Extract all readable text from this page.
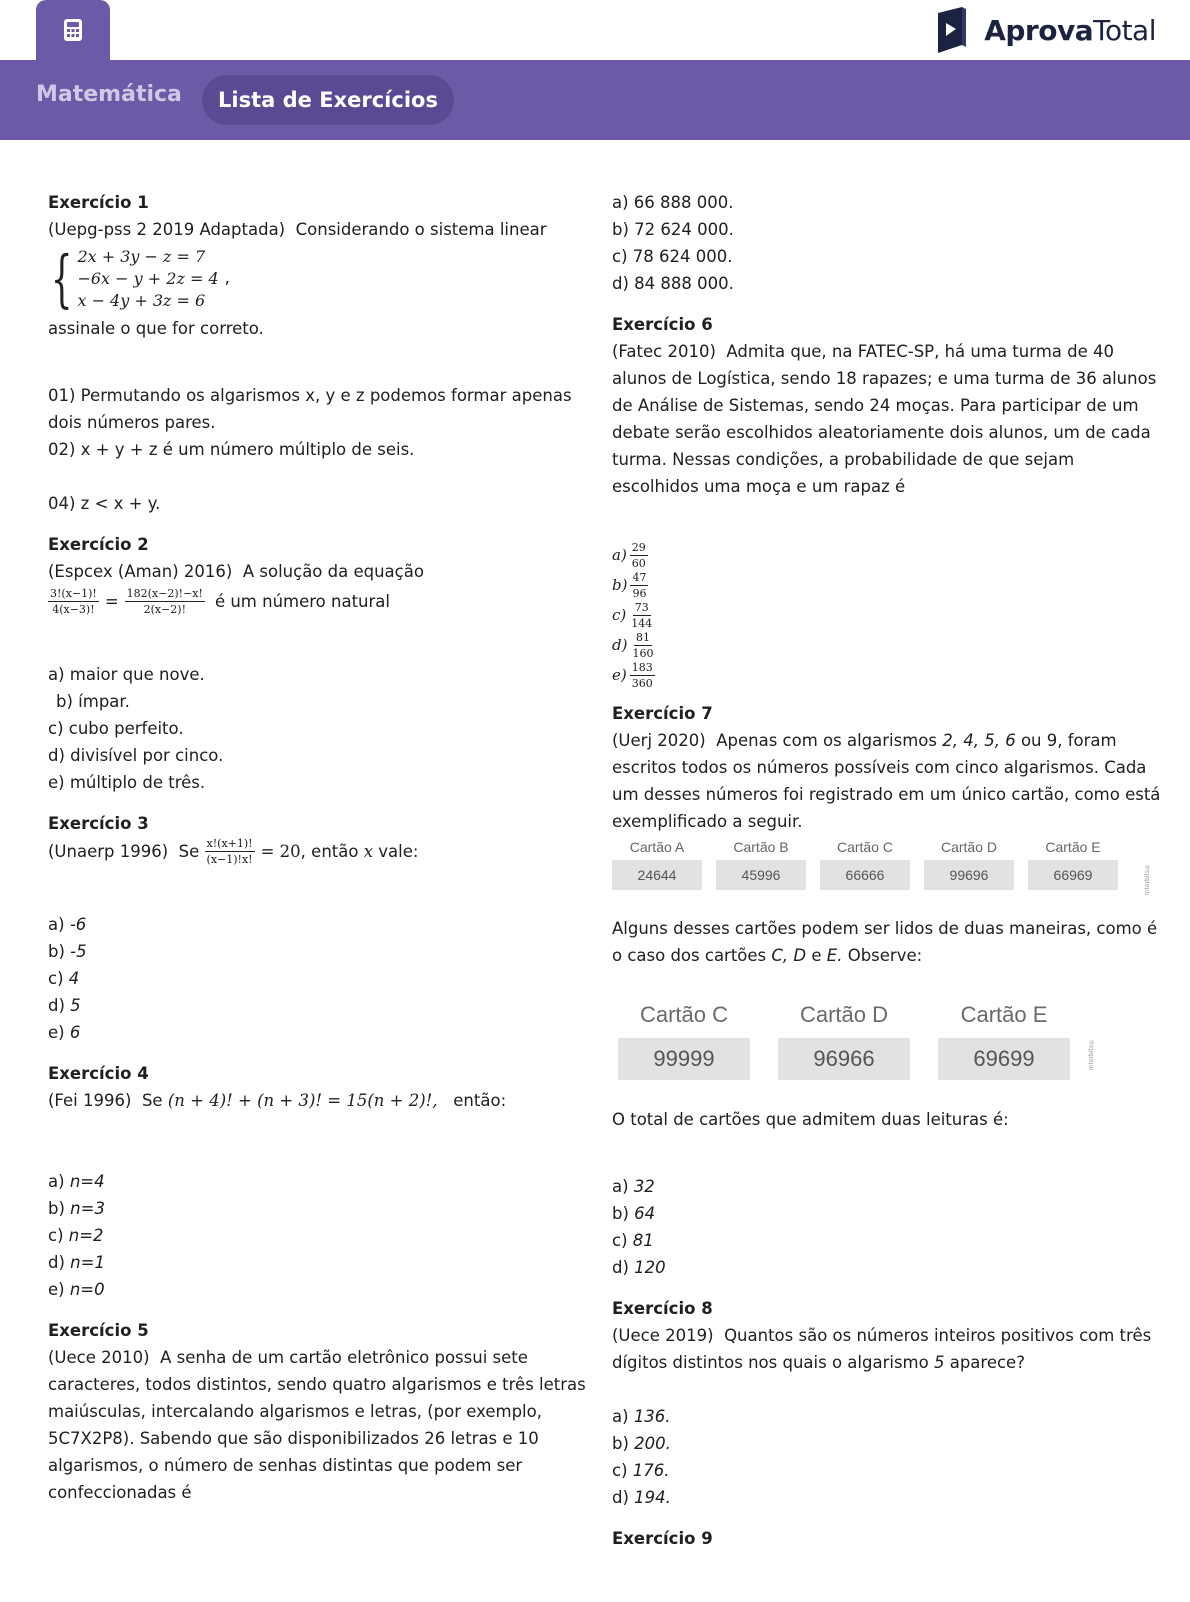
AprovaTotal
Matemática	Lista de Exercícios
Exercício 1
(Uepg-pss 2 2019 Adaptada) Considerando o sistema linear
{ 2x + 3y − z = 7
−6x − y + 2z = 4
x − 4y + 3z = 6
,
assinale o que for correto.
01) Permutando os algarismos x, y e z podemos formar apenas dois números pares.
02) x + y + z é um número múltiplo de seis.
04) z < x + y.
Exercício 2
(Espcex (Aman) 2016) A solução da equação
$\frac{3!(x-1)!}{4(x-3)!} = \frac{182(x-2)!-x!}{2(x-2)!}$ é um número natural
a) maior que nove.
b) ímpar.
c) cubo perfeito.
d) divisível por cinco.
e) múltiplo de três.
Exercício 3
(Unaerp 1996)
Se
$\frac{x!(x+1)!}{(x-1)!x!} = 20$ , então
x
vale:
a) -6
b) -5
c) 4
d) 5
e) 6
Exercício 4
(Fei 1996) Se (n + 4)! + (n + 3)! = 15(n + 2)!, então:
a) n=4
b) n=3
c) n=2
d) n=1
e) n=0
Exercício 5
(Uece 2010) A senha de um cartão eletrônico possui sete
caracteres, todos distintos, sendo quatro algarismos e três letras
maiúsculas, intercalando algarismos e letras, (por exemplo,
5C7X2P8). Sabendo que são disponibilizados 26 letras e 10
algarismos, o número de senhas distintas que podem ser
confeccionadas é
a) 66 888 000.
b) 72 624 000.
c) 78 624 000.
d) 84 888 000.
Exercício 6
(Fatec 2010) Admita que, na FATEC-SP, há uma turma de 40
alunos de Logística, sendo 18 rapazes; e uma turma de 36 alunos
de Análise de Sistemas, sendo 24 moças. Para participar de um
debate serão escolhidos aleatoriamente dois alunos, um de cada
turma. Nessas condições, a probabilidade de que sejam
escolhidos uma moça e um rapaz é
$a) \frac{29}{60}$
$b) \frac{47}{96}$
$c) \frac{73}{144}$
$d) \frac{81}{160}$
$e) \frac{183}{360}$
Exercício 7
(Uerj 2020) Apenas com os algarismos 2, 4, 5, 6 ou 9, foram
escritos todos os números possíveis com cinco algarismos. Cada
um desses números foi registrado em um único cartão, como está
exemplificado a seguir.
Cartão A
24644
Cartão B
45996
Cartão C
66666
Cartão D
99696
Cartão E
66969	Interbits®
Alguns desses cartões podem ser lidos de duas maneiras, como é
o caso dos cartões C, D e E. Observe:
Cartão C
99999
Cartão D
96966
Cartão E
69699	Interbits®
O total de cartões que admitem duas leituras é:
a) 32
b) 64
c) 81
d) 120
Exercício 8
(Uece 2019) Quantos são os números inteiros positivos com três
dígitos distintos nos quais o algarismo 5 aparece?
a) 136.
b) 200.
c) 176.
d) 194.
Exercício 9
